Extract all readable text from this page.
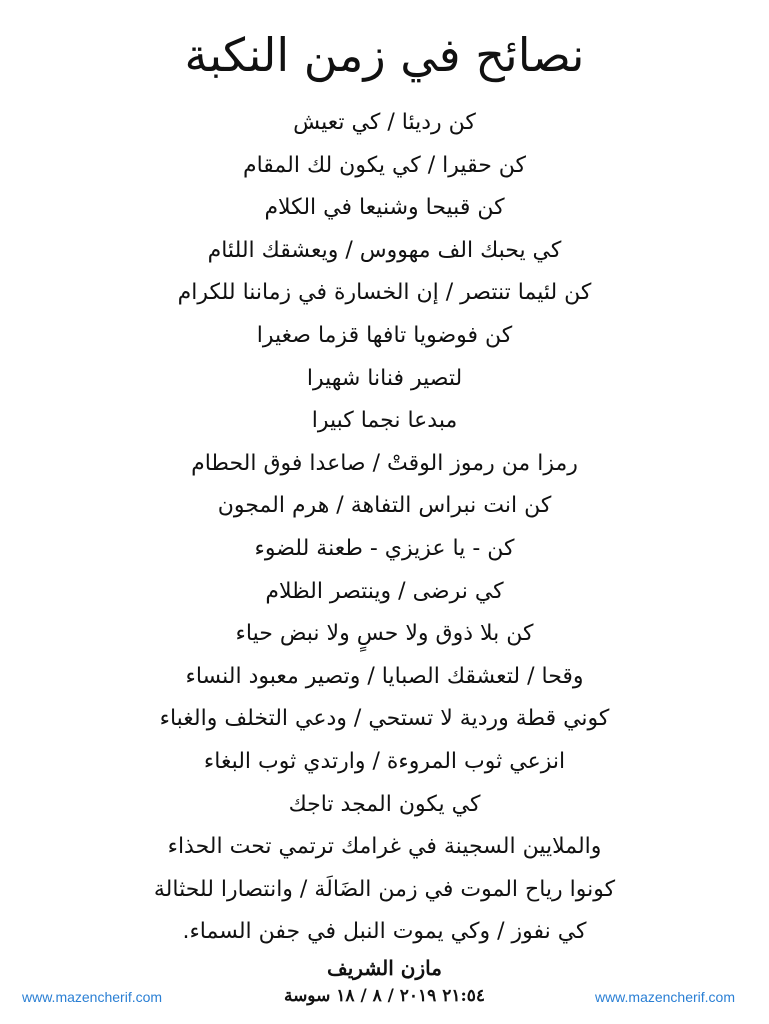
نصائح في زمن النكبة
كن رديئا / كي تعيش
كن حقيرا / كي يكون لك المقام
كن قبيحا وشنيعا في الكلام
كي يحبك الف مهووس / ويعشقك اللئام
كن لئيما تنتصر / إن الخسارة في زماننا للكرام
كن فوضويا تافها قزما صغيرا
لتصير فنانا شهيرا
مبدعا نجما كبيرا
رمزا من رموز الوقتْ / صاعدا فوق الحطام
كن انت نبراس التفاهة / هرم المجون
كن - يا عزيزي - طعنة للضوء
كي نرضى / وينتصر الظلام
كن بلا ذوق ولا حسٍ ولا نبض حياء
وقحا / لتعشقك الصبايا / وتصير معبود النساء
كوني قطة وردية لا تستحي / ودعي التخلف والغباء
انزعي ثوب المروءة / وارتدي ثوب البغاء
كي يكون المجد تاجك
والملايين السجينة في غرامك ترتمي تحت الحذاء
كونوا رياح الموت في زمن الضَالَة / وانتصارا للحثالة
كي نفوز / وكي يموت النبل في جفن السماء.
مازن الشريف
٢١:٥٤ ٢٠١٩ / ٨ / ١٨ سوسة
www.mazencherif.com	www.mazencherif.com
